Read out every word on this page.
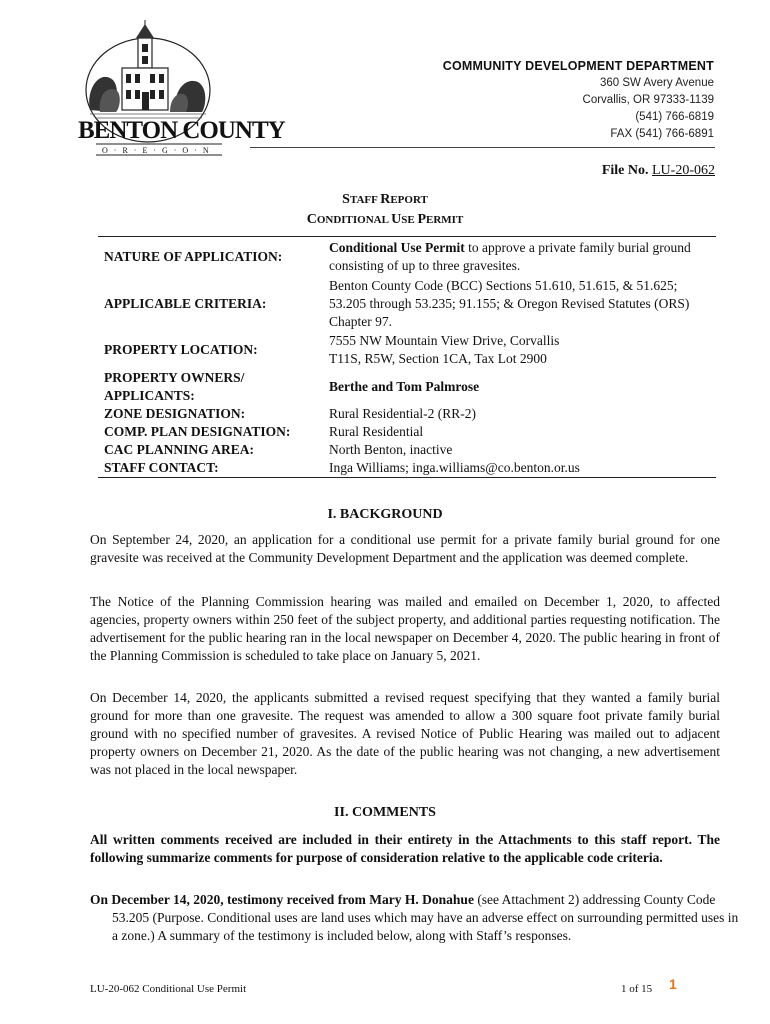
BENTON COUNTY
O · R · E · G · O · N
COMMUNITY DEVELOPMENT DEPARTMENT
360 SW Avery Avenue
Corvallis, OR 97333-1139
(541) 766-6819
FAX (541) 766-6891
File No. LU-20-062
STAFF REPORT
CONDITIONAL USE PERMIT
NATURE OF APPLICATION:	Conditional Use Permit to approve a private family burial ground consisting of up to three gravesites.
APPLICABLE CRITERIA:	Benton County Code (BCC) Sections 51.610, 51.615, & 51.625; 53.205 through 53.235; 91.155; & Oregon Revised Statutes (ORS) Chapter 97.
PROPERTY LOCATION:	7555 NW Mountain View Drive, Corvallis
T11S, R5W, Section 1CA, Tax Lot 2900

PROPERTY OWNERS/
APPLICANTS:	Berthe and Tom Palmrose
ZONE DESIGNATION:	Rural Residential-2 (RR-2)
COMP. PLAN DESIGNATION:	Rural Residential
CAC PLANNING AREA:	North Benton, inactive
STAFF CONTACT:	Inga Williams; inga.williams@co.benton.or.us
I. BACKGROUND
On September 24, 2020, an application for a conditional use permit for a private family burial ground for one gravesite was received at the Community Development Department and the application was deemed complete.
The Notice of the Planning Commission hearing was mailed and emailed on December 1, 2020, to affected agencies, property owners within 250 feet of the subject property, and additional parties requesting notification. The advertisement for the public hearing ran in the local newspaper on December 4, 2020. The public hearing in front of the Planning Commission is scheduled to take place on January 5, 2021.
On December 14, 2020, the applicants submitted a revised request specifying that they wanted a family burial ground for more than one gravesite. The request was amended to allow a 300 square foot private family burial ground with no specified number of gravesites. A revised Notice of Public Hearing was mailed out to adjacent property owners on December 21, 2020. As the date of the public hearing was not changing, a new advertisement was not placed in the local newspaper.
II. COMMENTS
All written comments received are included in their entirety in the Attachments to this staff report. The following summarize comments for purpose of consideration relative to the applicable code criteria.
On December 14, 2020, testimony received from Mary H. Donahue (see Attachment 2) addressing County Code 53.205 (Purpose. Conditional uses are land uses which may have an adverse effect on surrounding permitted uses in a zone.) A summary of the testimony is included below, along with Staff’s responses.
LU-20-062 Conditional Use Permit	1 of 15 1
